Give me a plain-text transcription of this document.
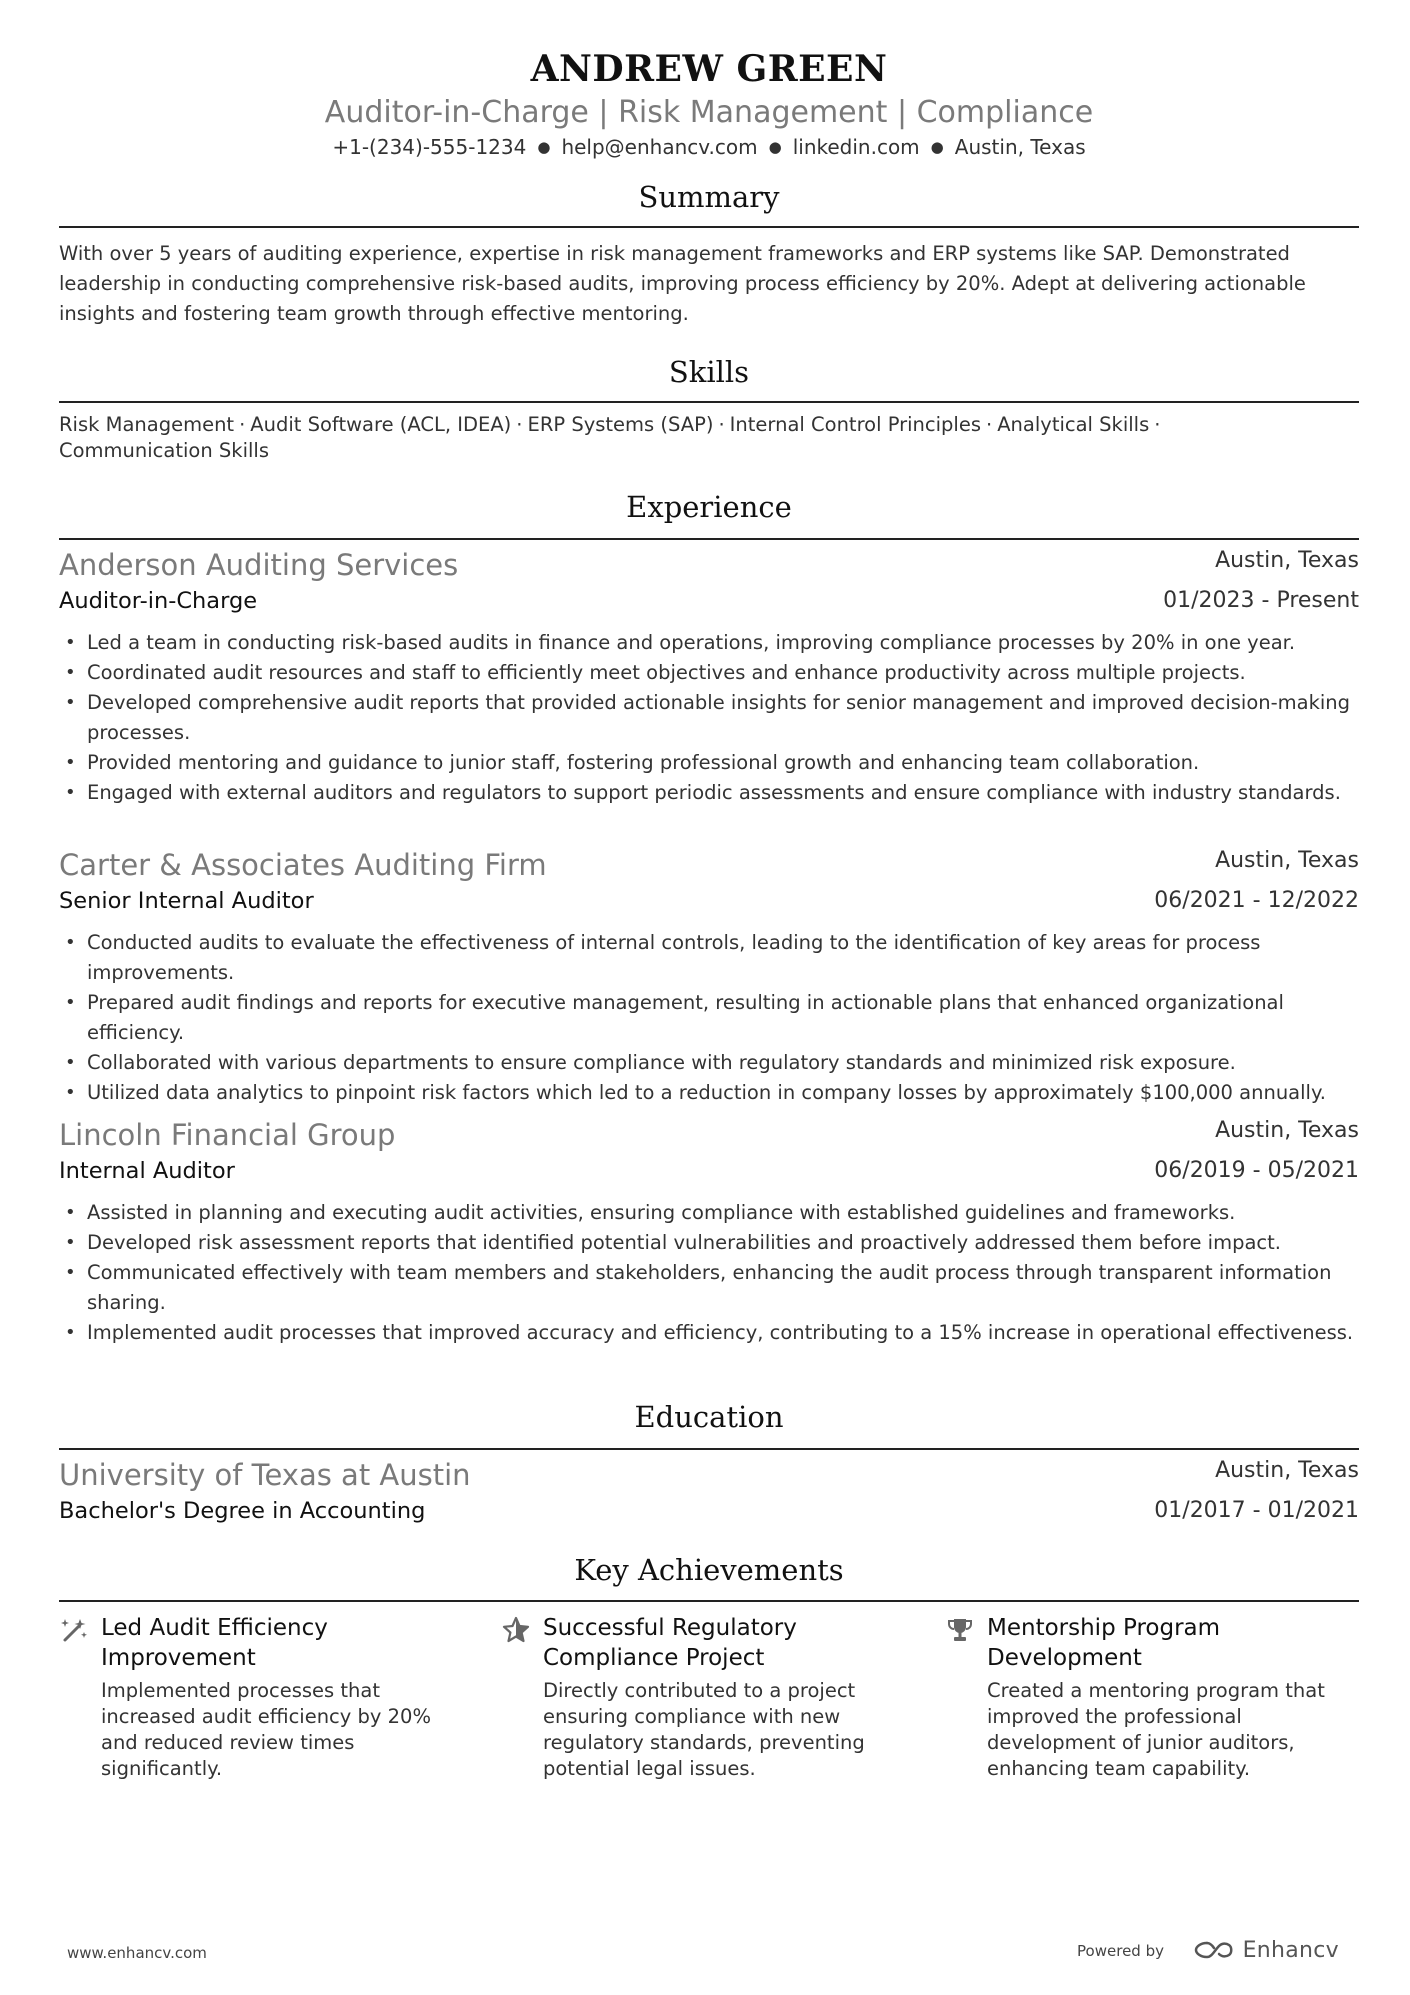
ANDREW GREEN
Auditor-in-Charge | Risk Management | Compliance
+1-(234)-555-1234 ● help@enhancv.com ● linkedin.com ● Austin, Texas
Summary
With over 5 years of auditing experience, expertise in risk management frameworks and ERP systems like SAP. Demonstrated leadership in conducting comprehensive risk-based audits, improving process efficiency by 20%. Adept at delivering actionable insights and fostering team growth through effective mentoring.
Skills
Risk Management · Audit Software (ACL, IDEA) · ERP Systems (SAP) · Internal Control Principles · Analytical Skills · Communication Skills
Experience
Anderson Auditing Services	Austin, Texas
Auditor-in-Charge	01/2023 - Present
• Led a team in conducting risk-based audits in finance and operations, improving compliance processes by 20% in one year.
• Coordinated audit resources and staff to efficiently meet objectives and enhance productivity across multiple projects.
• Developed comprehensive audit reports that provided actionable insights for senior management and improved decision-making processes.
• Provided mentoring and guidance to junior staff, fostering professional growth and enhancing team collaboration.
• Engaged with external auditors and regulators to support periodic assessments and ensure compliance with industry standards.
Carter & Associates Auditing Firm	Austin, Texas
Senior Internal Auditor	06/2021 - 12/2022
• Conducted audits to evaluate the effectiveness of internal controls, leading to the identification of key areas for process improvements.
• Prepared audit findings and reports for executive management, resulting in actionable plans that enhanced organizational efficiency.
• Collaborated with various departments to ensure compliance with regulatory standards and minimized risk exposure.
• Utilized data analytics to pinpoint risk factors which led to a reduction in company losses by approximately $100,000 annually.
Lincoln Financial Group	Austin, Texas
Internal Auditor	06/2019 - 05/2021
• Assisted in planning and executing audit activities, ensuring compliance with established guidelines and frameworks.
• Developed risk assessment reports that identified potential vulnerabilities and proactively addressed them before impact.
• Communicated effectively with team members and stakeholders, enhancing the audit process through transparent information sharing.
• Implemented audit processes that improved accuracy and efficiency, contributing to a 15% increase in operational effectiveness.
Education
University of Texas at Austin	Austin, Texas
Bachelor's Degree in Accounting	01/2017 - 01/2021
Key Achievements
Led Audit Efficiency Improvement
Implemented processes that increased audit efficiency by 20% and reduced review times significantly.
Successful Regulatory Compliance Project
Directly contributed to a project ensuring compliance with new regulatory standards, preventing potential legal issues.
Mentorship Program Development
Created a mentoring program that improved the professional development of junior auditors, enhancing team capability.
www.enhancv.com	Powered by	Enhancv
